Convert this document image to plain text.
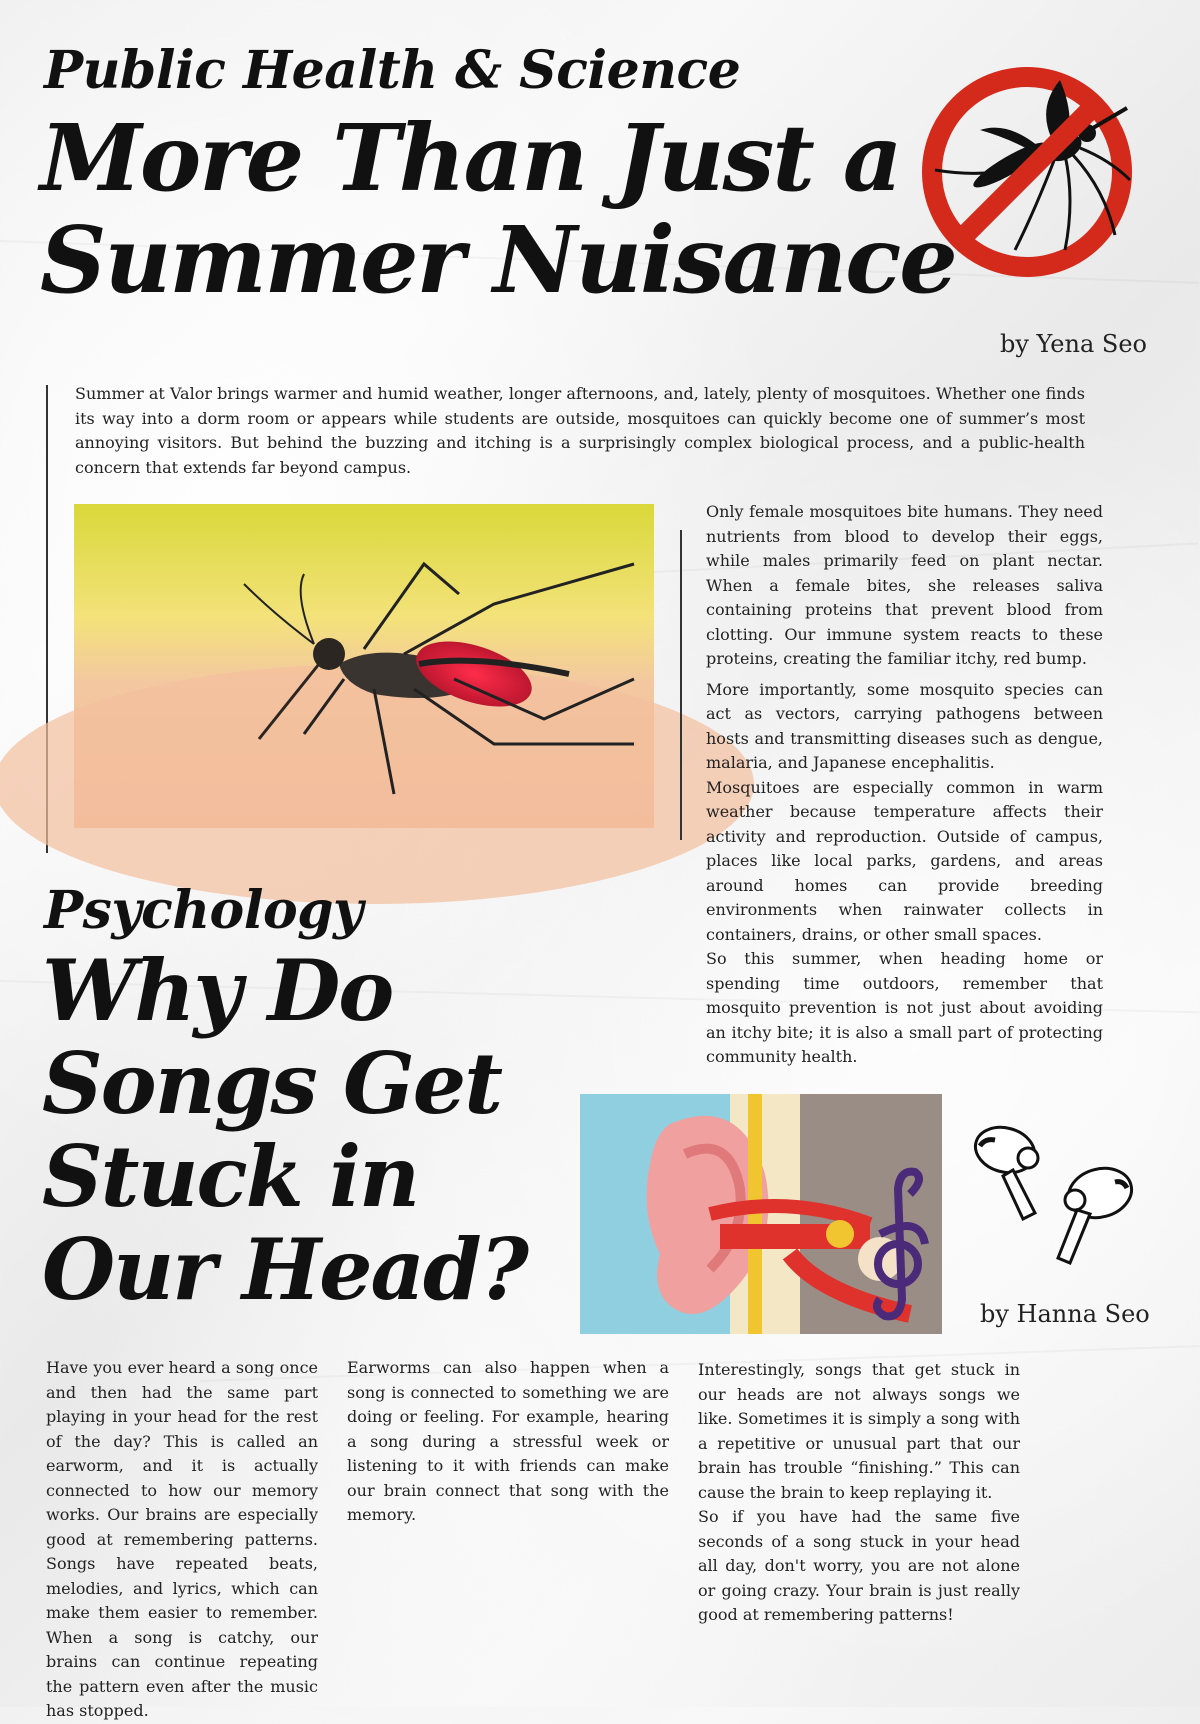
Public Health & Science
More Than Just a
Summer Nuisance
by Yena Seo
Summer at Valor brings warmer and humid weather, longer afternoons, and, lately, plenty of mosquitoes. Whether one finds its way into a dorm room or appears while students are outside, mosquitoes can quickly become one of summer’s most annoying visitors. But behind the buzzing and itching is a surprisingly complex biological process, and a public-health concern that extends far beyond campus.

Only female mosquitoes bite humans. They need nutrients from blood to develop their eggs, while males primarily feed on plant nectar. When a female bites, she releases saliva containing proteins that prevent blood from clotting. Our immune system reacts to these proteins, creating the familiar itchy, red bump.

More importantly, some mosquito species can act as vectors, carrying pathogens between hosts and transmitting diseases such as dengue, malaria, and Japanese encephalitis.

Mosquitoes are especially common in warm weather because temperature affects their activity and reproduction. Outside of campus, places like local parks, gardens, and areas around homes can provide breeding environments when rainwater collects in containers, drains, or other small spaces.

So this summer, when heading home or spending time outdoors, remember that mosquito prevention is not just about avoiding an itchy bite; it is also a small part of protecting community health.

Psychology
Why Do
Songs Get
Stuck in
Our Head?	by Hanna Seo
Have you ever heard a song once and then had the same part playing in your head for the rest of the day? This is called an earworm, and it is actually connected to how our memory works. Our brains are especially good at remembering patterns. Songs have repeated beats, melodies, and lyrics, which can make them easier to remember. When a song is catchy, our brains can continue repeating the pattern even after the music has stopped.
Earworms can also happen when a song is connected to something we are doing or feeling. For example, hearing a song during a stressful week or listening to it with friends can make our brain connect that song with the memory.

Interestingly, songs that get stuck in our heads are not always songs we like. Sometimes it is simply a song with a repetitive or unusual part that our brain has trouble “finishing.” This can cause the brain to keep replaying it.

So if you have had the same five seconds of a song stuck in your head all day, don't worry, you are not alone or going crazy. Your brain is just really good at remembering patterns!
